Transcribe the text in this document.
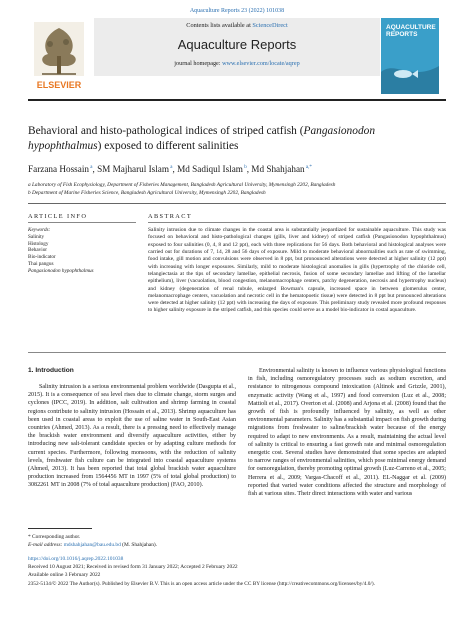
Aquaculture Reports 23 (2022) 101038
ELSEVIER
Contents lists available at ScienceDirect
Aquaculture Reports
journal homepage: www.elsevier.com/locate/aqrep
AQUACULTURE REPORTS
Behavioral and histo-pathological indices of striped catfish (Pangasionodon hypophthalmus) exposed to different salinities
Farzana Hossain $^a$, SM Majharul Islam $^a$, Md Sadiqul Islam $^b$, Md Shahjahan $^{a,*}$
a Laboratory of Fish Ecophysiology, Department of Fisheries Management, Bangladesh Agricultural University, Mymensingh 2202, Bangladesh
b Department of Marine Fisheries Science, Bangladesh Agricultural University, Mymensingh 2202, Bangladesh
ARTICLE INFO	ABSTRACT
Keywords:
Salinity
Histology
Behavior
Bio-indicator
Thai pangus
Pangasionodon hypophthalmus
Salinity intrusion due to climate changes in the coastal area is substantially jeopardized for sustainable aquaculture. This study was focused on behavioral and histo-pathological changes (gills, liver and kidney) of striped catfish (Pangasionodon hypophthalmus) exposed to four salinities (0, 4, 8 and 12 ppt), each with three replications for 56 days. Both behavioral and histological analyses were carried out for durations of 7, 14, 28 and 56 days of exposure. Mild to moderate behavioral abnormalities such as rate of swimming, food intake, gill motion and convulsions were observed in 8 ppt, but pronounced alterations were detected at higher salinity (12 ppt) with increasing with longer exposures. Similarly, mild to moderate histological anomalies in gills (hypertrophy of the chloride cell, telangiectasia at the tips of secondary lamellae, epithelial necrosis, fusion of some secondary lamellae and lifting of the lamellar epithelium), liver (vacuolation, blood congestion, melanomacrophage centers, patchy degeneration, necrosis and hypertrophy nucleus) and kidney (degeneration of renal tubule, enlarged Bowman's capsule, increased space in between glomerulus center, melanomacrophage centers, vacuolation and necrotic cell in the hematopoetic tissue) were detected in 8 ppt but pronounced alterations were detected at higher salinity (12 ppt) with increasing the days of exposure. This preliminary study revealed more profound responses to higher salinity exposure in the striped catfish, and this species could serve as a model bio-indicator in costal aquaculture.
1. Introduction

Salinity intrusion is a serious environmental problem worldwide (Dasgupta et al., 2015). It is a consequence of sea level rises due to climate change, storm surges and cyclones (IPCC, 2019). In addition, salt cultivation and shrimp farming in coastal regions contribute to salinity intrusion (Hossain et al., 2013). Shrimp aquaculture has been used in coastal areas to exploit the use of saline water in South-East Asian countries (Ahmed, 2013). As a result, there is a pressing need to effectively manage the brackish water environment and diversify aquaculture activities, either by introducing new salt-tolerant candidate species or by adapting culture methods for current species. Furthermore, following monsoons, with the reduction of salinity levels, freshwater fish culture can be integrated into coastal aquaculture systems (Ahmed, 2013). It has been reported that total global brackish water aquaculture production increased from 1564456 MT in 1997 (5% of total global production) to 3082261 MT in 2008 (7% of total aquaculture production) (FAO, 2010).

Environmental salinity is known to influence various physiological functions in fish, including osmoregulatory processes such as sodium excretion, and resistance to nitrogenous compound intoxication (Altinok and Grizzle, 2001), enzymatic activity (Wang et al., 1997) and food conversion (Luz et al., 2008; Mattioli et al., 2017). Overton et al. (2008) and Arjona et al. (2008) found that the growth of fish is profoundly influenced by salinity, as well as other environmental parameters. Salinity has a substantial impact on fish growth during migrations from freshwater to saline/brackish water because of the energy required to adapt to new environments. As a result, maintaining the actual level of salinity is critical to ensuring a fast growth rate and minimal osmoregulation energetic cost. Several studies have demonstrated that some species are adapted to narrow ranges of environmental salinities, which pose minimal energy demand for osmoregulation, thereby promoting optimal growth (Luz-Carreno et al., 2005; Herrera et al., 2009; Vargas-Chacoff et al., 2011). EL-Naggar et al. (2009) reported that varied water conditions affected the structure and morphology of fish at various sites. Their direct interactions with water and various

* Corresponding author.
E-mail address: mdshahjahan@bau.edu.bd (M. Shahjahan).
https://doi.org/10.1016/j.aqrep.2022.101038
Received 10 August 2021; Received in revised form 31 January 2022; Accepted 2 February 2022
Available online 3 February 2022
2352-5134/© 2022 The Author(s). Published by Elsevier B.V. This is an open access article under the CC BY license (http://creativecommons.org/licenses/by/4.0/).
